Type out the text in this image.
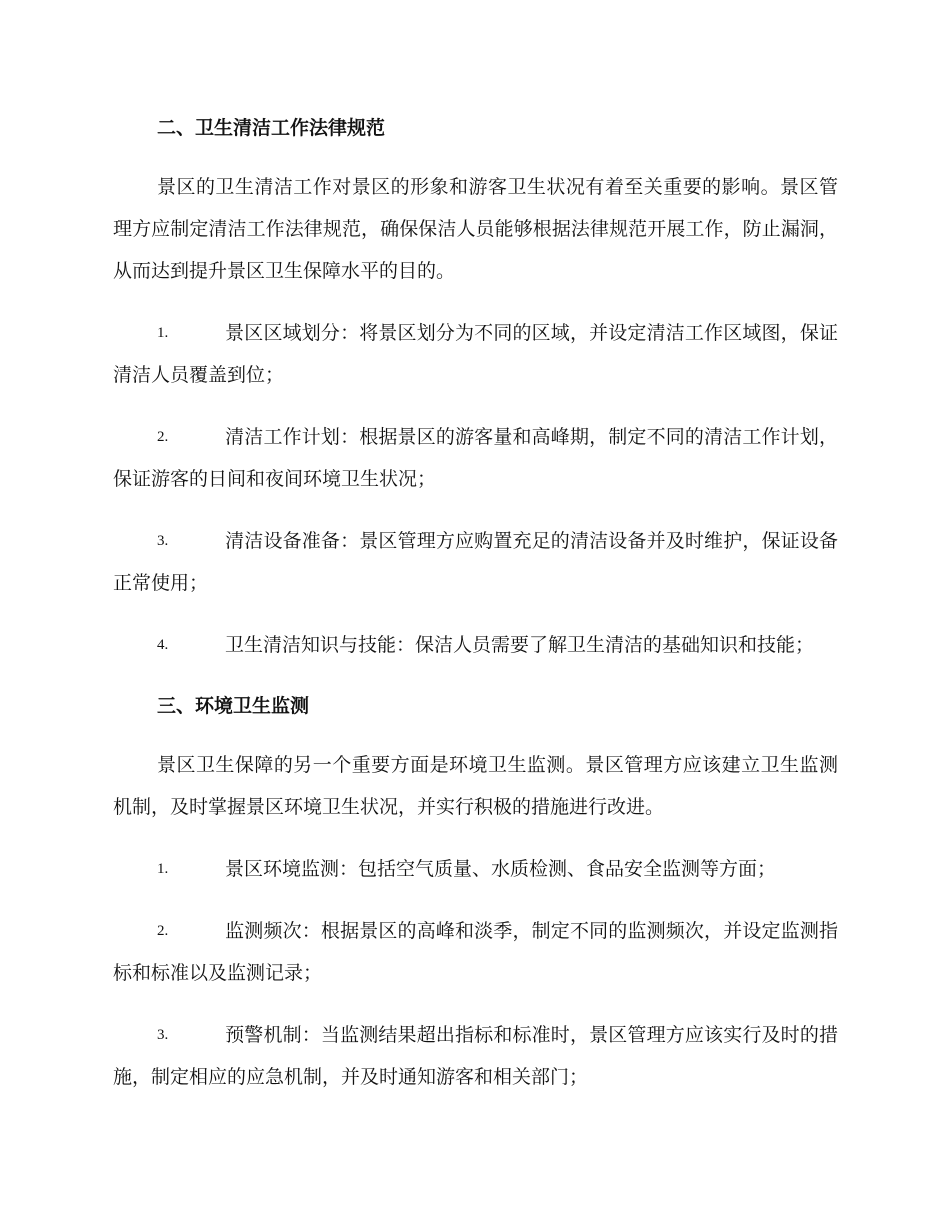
二、卫生清洁工作法律规范

景区的卫生清洁工作对景区的形象和游客卫生状况有着至关重要的影响。景区管理方应制定清洁工作法律规范，确保保洁人员能够根据法律规范开展工作，防止漏洞，从而达到提升景区卫生保障水平的目的。

1.	景区区域划分：将景区划分为不同的区域，并设定清洁工作区域图，保证清洁人员覆盖到位；

2.	清洁工作计划：根据景区的游客量和高峰期，制定不同的清洁工作计划，保证游客的日间和夜间环境卫生状况；

3.	清洁设备准备：景区管理方应购置充足的清洁设备并及时维护，保证设备正常使用；

4.	卫生清洁知识与技能：保洁人员需要了解卫生清洁的基础知识和技能；

三、环境卫生监测

景区卫生保障的另一个重要方面是环境卫生监测。景区管理方应该建立卫生监测机制，及时掌握景区环境卫生状况，并实行积极的措施进行改进。

1.	景区环境监测：包括空气质量、水质检测、食品安全监测等方面；

2.	监测频次：根据景区的高峰和淡季，制定不同的监测频次，并设定监测指标和标准以及监测记录；

3.	预警机制：当监测结果超出指标和标准时，景区管理方应该实行及时的措施，制定相应的应急机制，并及时通知游客和相关部门；
